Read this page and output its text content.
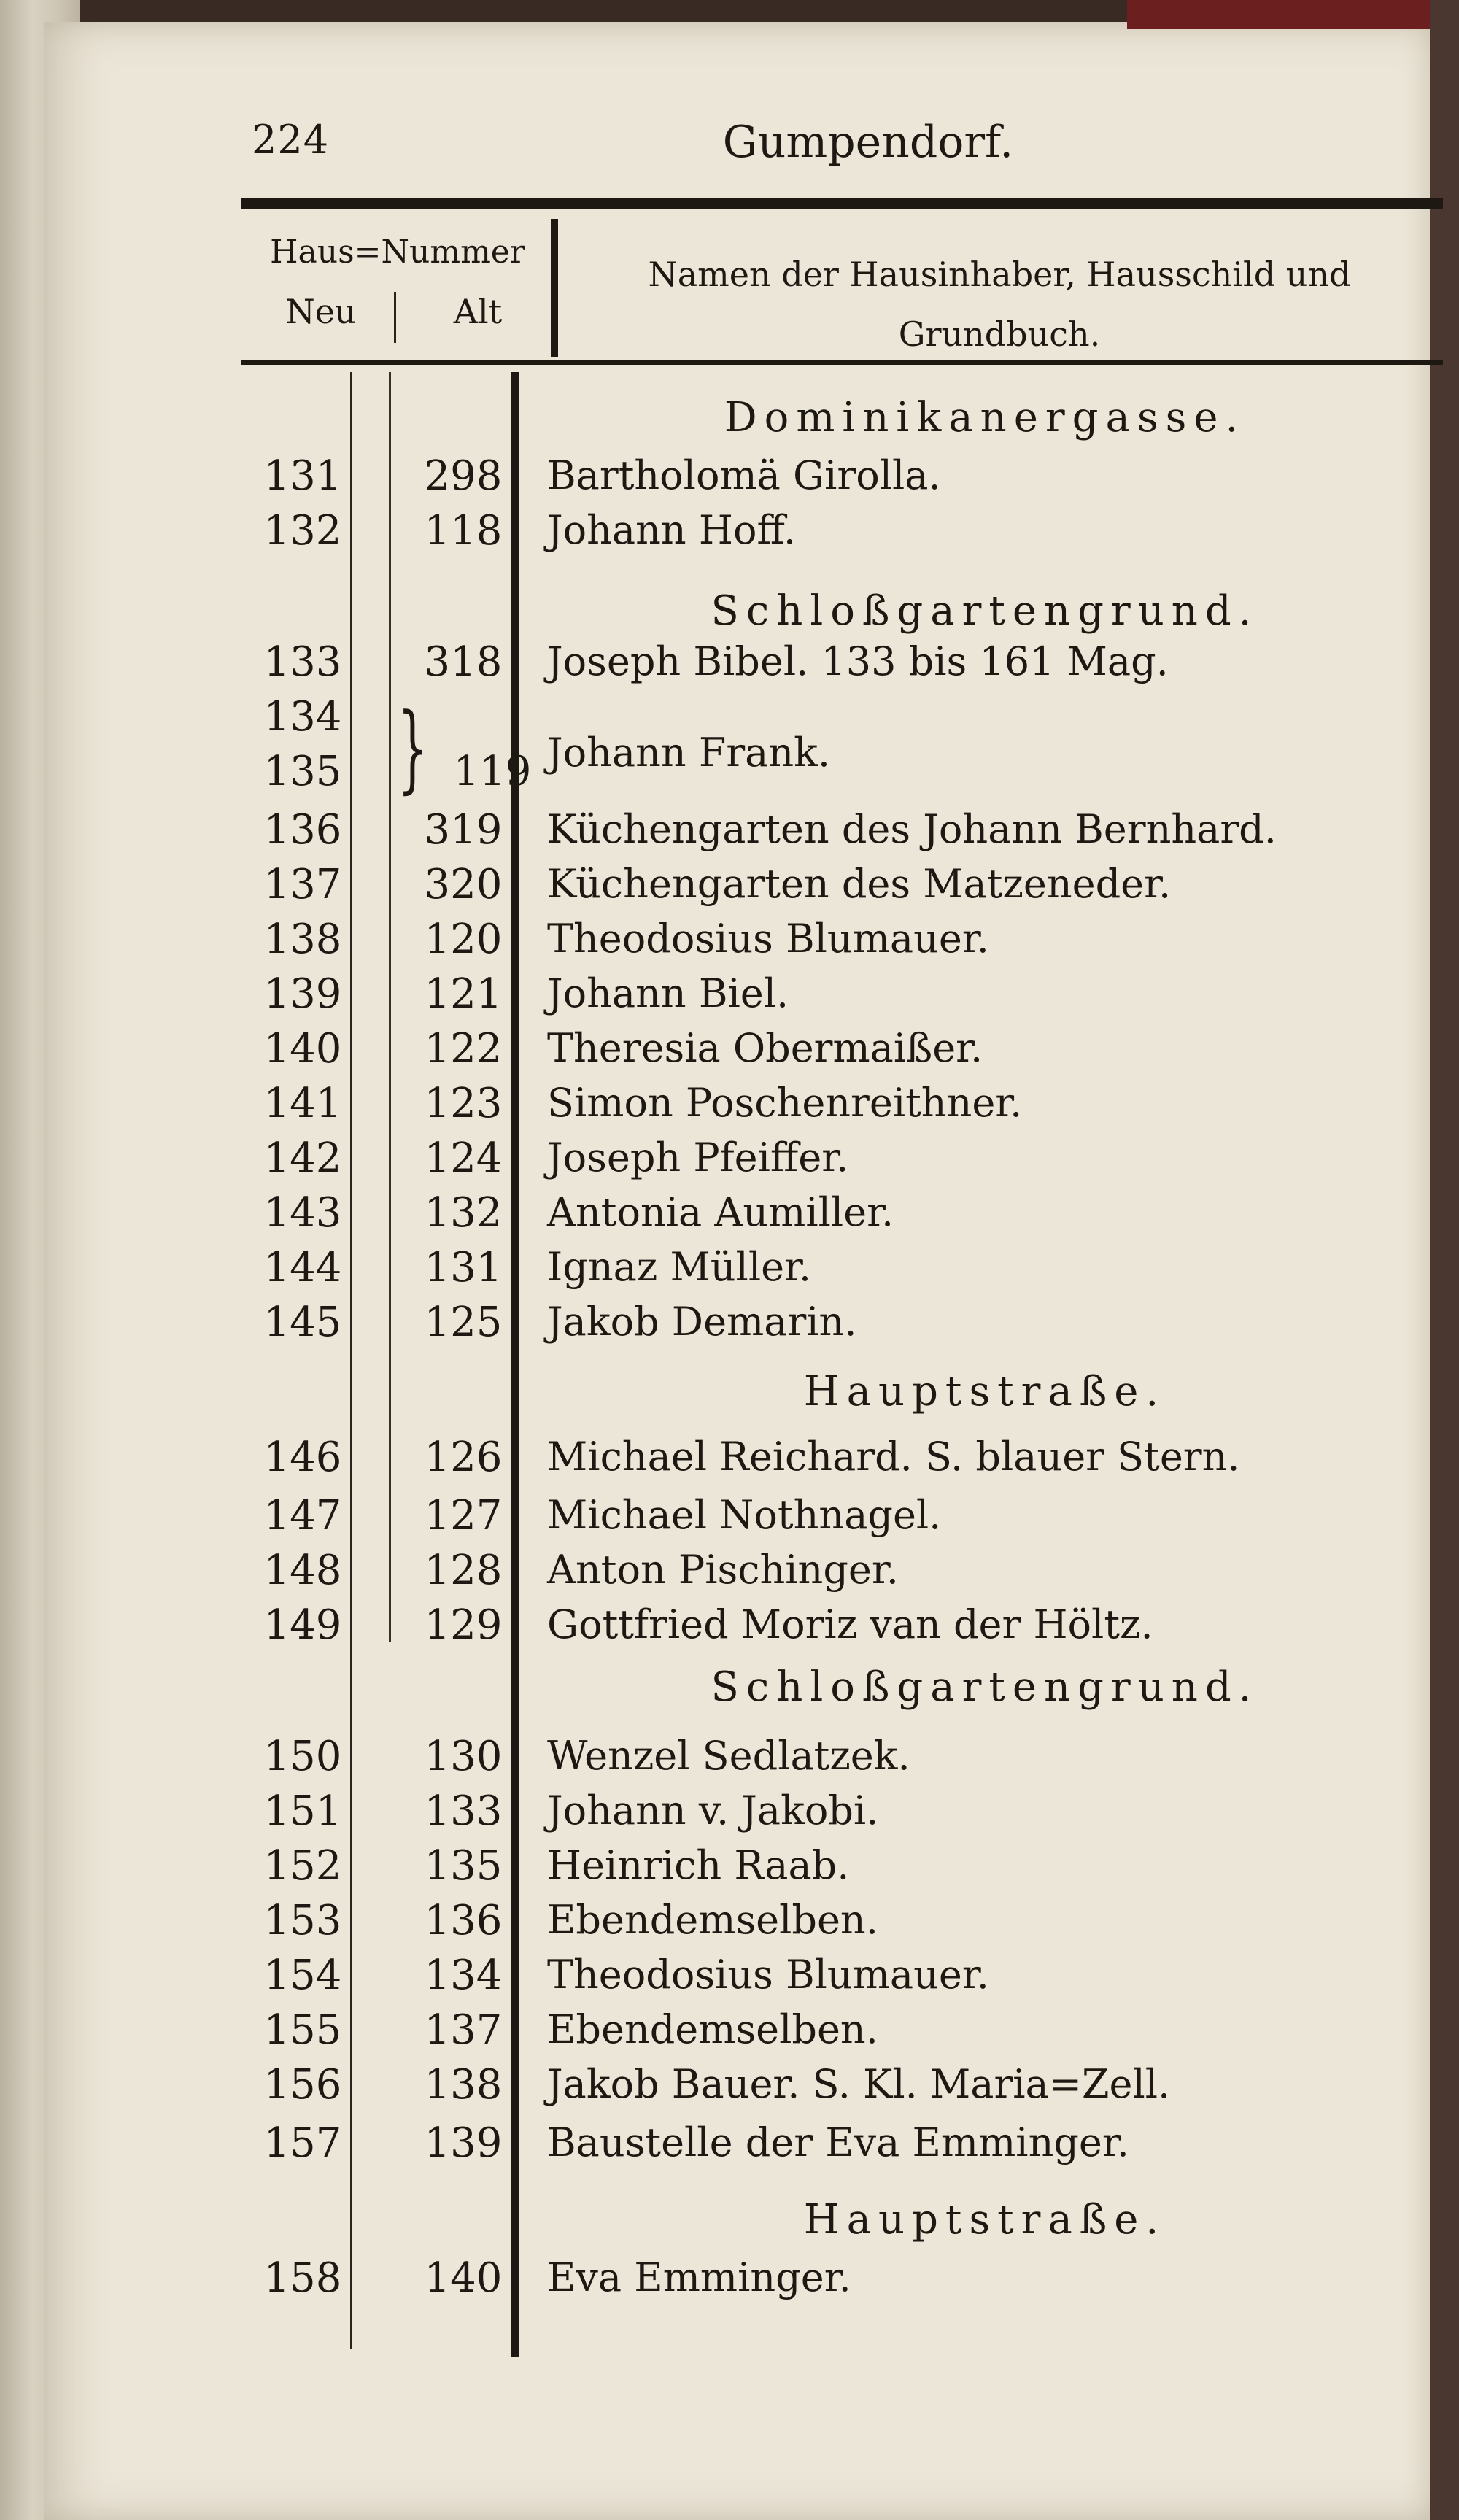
224	Gumpendorf.
Haus=Nummer
Neu	Alt
Namen der Hausinhaber, Hausschild und Grundbuch.
Dominikanergasse.
Schloßgartengrund.
Hauptstraße.
Schloßgartengrund.
Hauptstraße.
131	298	Bartholomä Girolla.
132	118	Johann Hoff.
133	318	Joseph Bibel. 133 bis 161 Mag.
134 }
135	119 Johann Frank.
136	319	Küchengarten des Johann Bernhard.
137	320	Küchengarten des Matzeneder.
138	120	Theodosius Blumauer.
139	121	Johann Biel.
140	122	Theresia Obermaißer.
141	123	Simon Poschenreithner.
142	124	Joseph Pfeiffer.
143	132	Antonia Aumiller.
144	131	Ignaz Müller.
145	125	Jakob Demarin.
146	126	Michael Reichard. S. blauer Stern.
147	127	Michael Nothnagel.
148	128	Anton Pischinger.
149	129	Gottfried Moriz van der Höltz.
150	130	Wenzel Sedlatzek.
151	133	Johann v. Jakobi.
152	135	Heinrich Raab.
153	136	Ebendemselben.
154	134	Theodosius Blumauer.
155	137	Ebendemselben.
156	138	Jakob Bauer. S. Kl. Maria=Zell.
157	139	Baustelle der Eva Emminger.
158	140	Eva Emminger.
